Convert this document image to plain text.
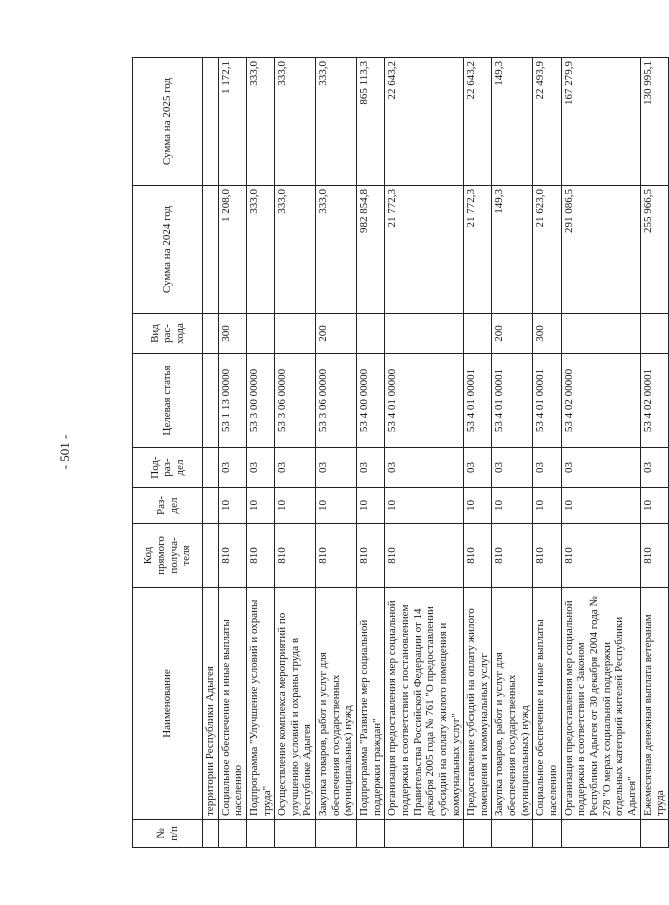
- 501 -
№ п/п	Наименование	Код прямого получа- теля	Раз- дел	Под- раз- дел	Целевая статья	Вид рас- хода	Сумма на 2024 год	Сумма на 2025 год
	территории Республики Адыгея							
	Социальное обеспечение и иные выплаты населению	810	10	03	53 1 13 00000	300	1 208,0	1 172,1
	Подпрограмма "Улучшение условий и охраны труда"	810	10	03	53 3 00 00000		333,0	333,0
	Осуществление комплекса мероприятий по улучшению условий и охраны труда в Республике Адыгея	810	10	03	53 3 06 00000		333,0	333,0
	Закупка товаров, работ и услуг для обеспечения государственных (муниципальных) нужд	810	10	03	53 3 06 00000	200	333,0	333,0
	Подпрограмма "Развитие мер социальной поддержки граждан"	810	10	03	53 4 00 00000		982 854,8	865 113,3
	Организация предоставления мер социальной поддержки в соответствии с постановлением Правительства Российской Федерации от 14 декабря 2005 года № 761 "О предоставлении субсидий на оплату жилого помещения и коммунальных услуг"	810	10	03	53 4 01 00000		21 772,3	22 643,2
	Предоставление субсидий на оплату жилого помещения и коммунальных услуг	810	10	03	53 4 01 00001		21 772,3	22 643,2
	Закупка товаров, работ и услуг для обеспечения государственных (муниципальных) нужд	810	10	03	53 4 01 00001	200	149,3	149,3
	Социальное обеспечение и иные выплаты населению	810	10	03	53 4 01 00001	300	21 623,0	22 493,9
	Организация предоставления мер социальной поддержки в соответствии с Законом Республики Адыгея от 30 декабря 2004 года № 278 "О мерах социальной поддержки отдельных категорий жителей Республики Адыгея"	810	10	03	53 4 02 00000		291 086,5	167 279,9
	Ежемесячная денежная выплата ветеранам труда	810	10	03	53 4 02 00001		255 966,5	130 995,1
